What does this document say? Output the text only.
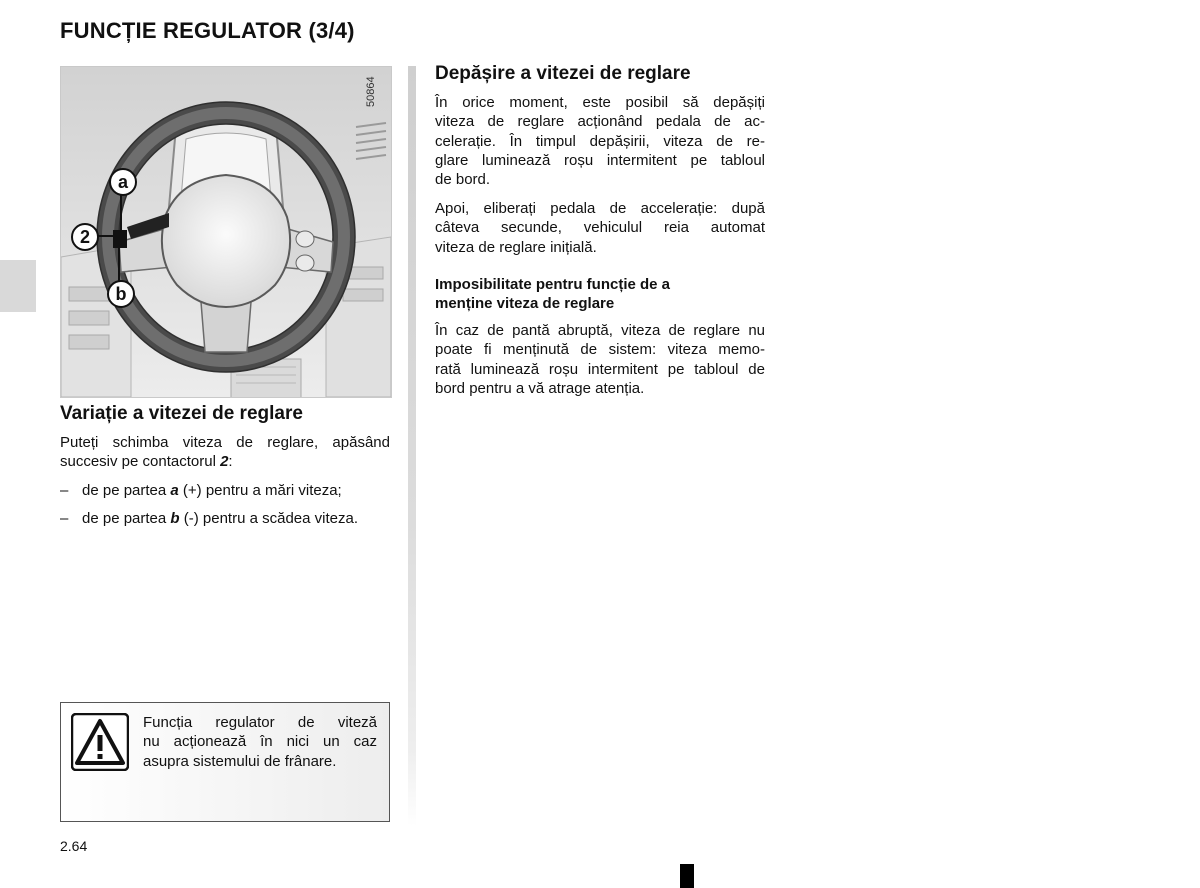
FUNCȚIE REGULATOR (3/4)
50864
a
2
b
Variație a vitezei de reglare
Puteți schimba viteza de reglare, apăsând
succesiv pe contactorul 2:
– de pe partea a (+) pentru a mări viteza;
– de pe partea b (-) pentru a scădea viteza.
Depășire a vitezei de reglare
În orice moment, este posibil să depășiți
viteza de reglare acționând pedala de ac-
celerație. În timpul depășirii, viteza de re-
glare luminează roșu intermitent pe tabloul
de bord.
Apoi, eliberați pedala de accelerație: după
câteva secunde, vehiculul reia automat
viteza de reglare inițială.
Imposibilitate pentru funcție de a
menține viteza de reglare
În caz de pantă abruptă, viteza de reglare nu
poate fi menținută de sistem: viteza memo-
rată luminează roșu intermitent pe tabloul de
bord pentru a vă atrage atenția.
Funcția regulator de viteză
nu acționează în nici un caz
asupra sistemului de frânare.
2.64
